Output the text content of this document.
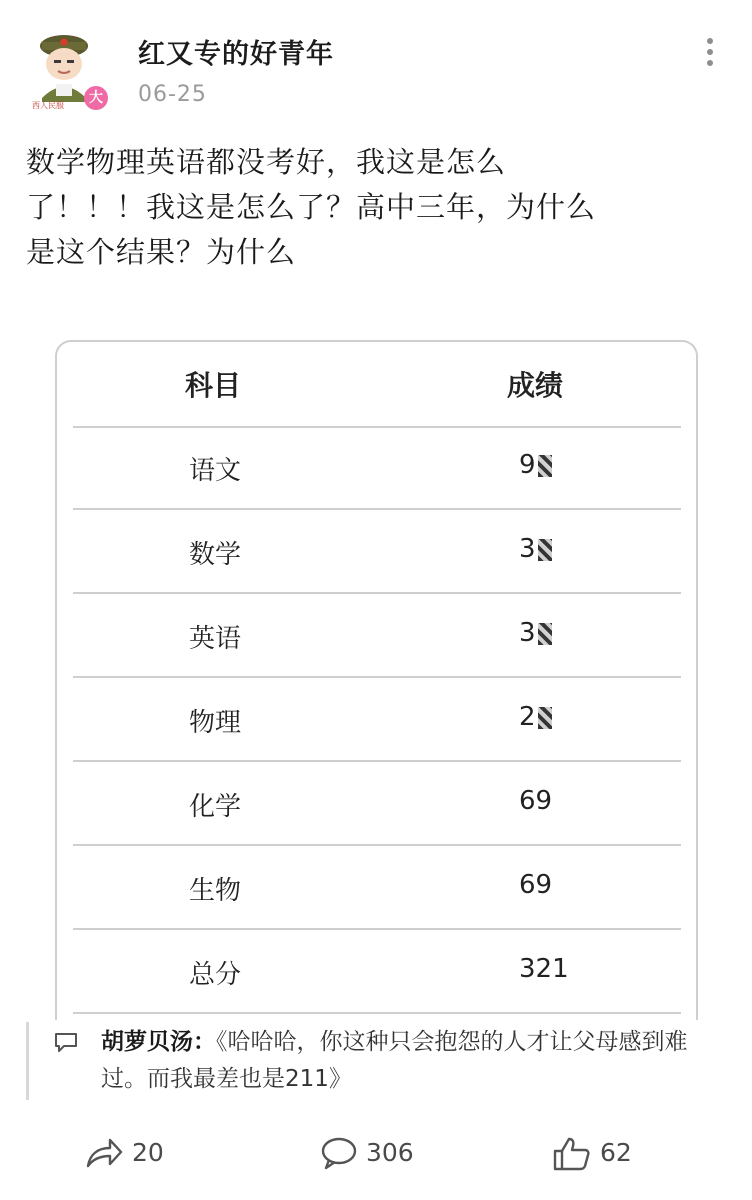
西人民服	大
红又专的好青年
06-25

数学物理英语都没考好，我这是怎么
了！！！我这是怎么了？高中三年，为什么
是这个结果？为什么

科目	成绩
语文	9
数学	3
英语	3
物理	2
化学	69
生物	69
总分	321

胡萝贝汤：《哈哈哈，你这种只会抱怨的人才让父母感到难过。而我最差也是211》

20	306	62
